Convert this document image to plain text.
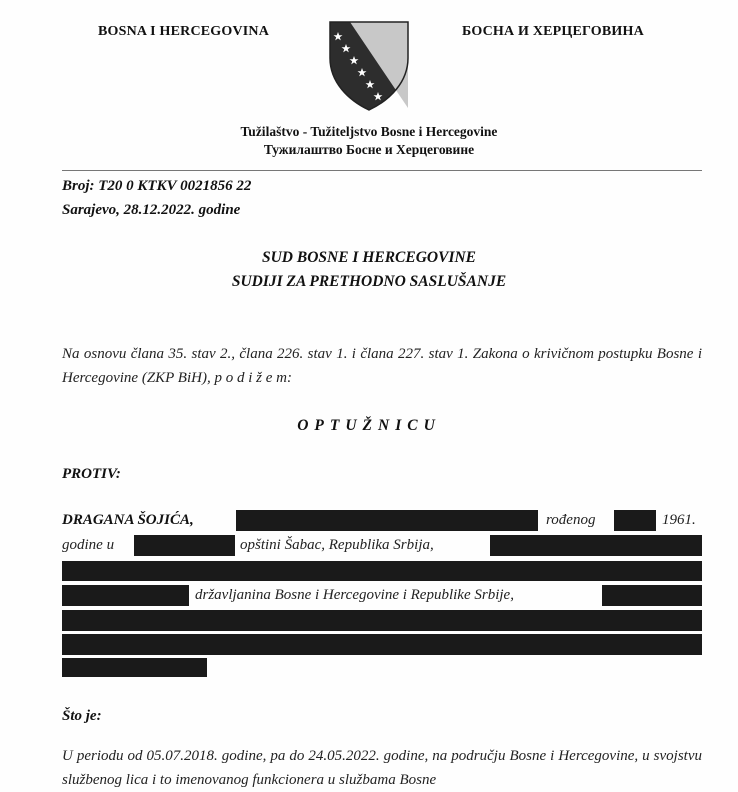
BOSNA I HERCEGOVINA	БОСНА И ХЕРЦЕГОВИНА
Tužilaštvo - Tužiteljstvo Bosne i Hercegovine
Тужилаштво Босне и Херцеговине
Broj: T20 0 KTKV 0021856 22
Sarajevo, 28.12.2022. godine
SUD BOSNE I HERCEGOVINE
SUDIJI ZA PRETHODNO SASLUŠANJE
Na osnovu člana 35. stav 2., člana 226. stav 1. i člana 227. stav 1. Zakona o krivičnom postupku Bosne i Hercegovine (ZKP BiH), p o d i ž e m:
OPTUŽNICU
PROTIV:
DRAGANA ŠOJIĆA,	rođenog	1961.
godine u	opštini Šabac, Republika Srbija,
državljanina Bosne i Hercegovine i Republike Srbije,
Što je:
U periodu od 05.07.2018. godine, pa do 24.05.2022. godine, na području Bosne i Hercegovine, u svojstvu službenog lica i to imenovanog funkcionera u službama Bosne
